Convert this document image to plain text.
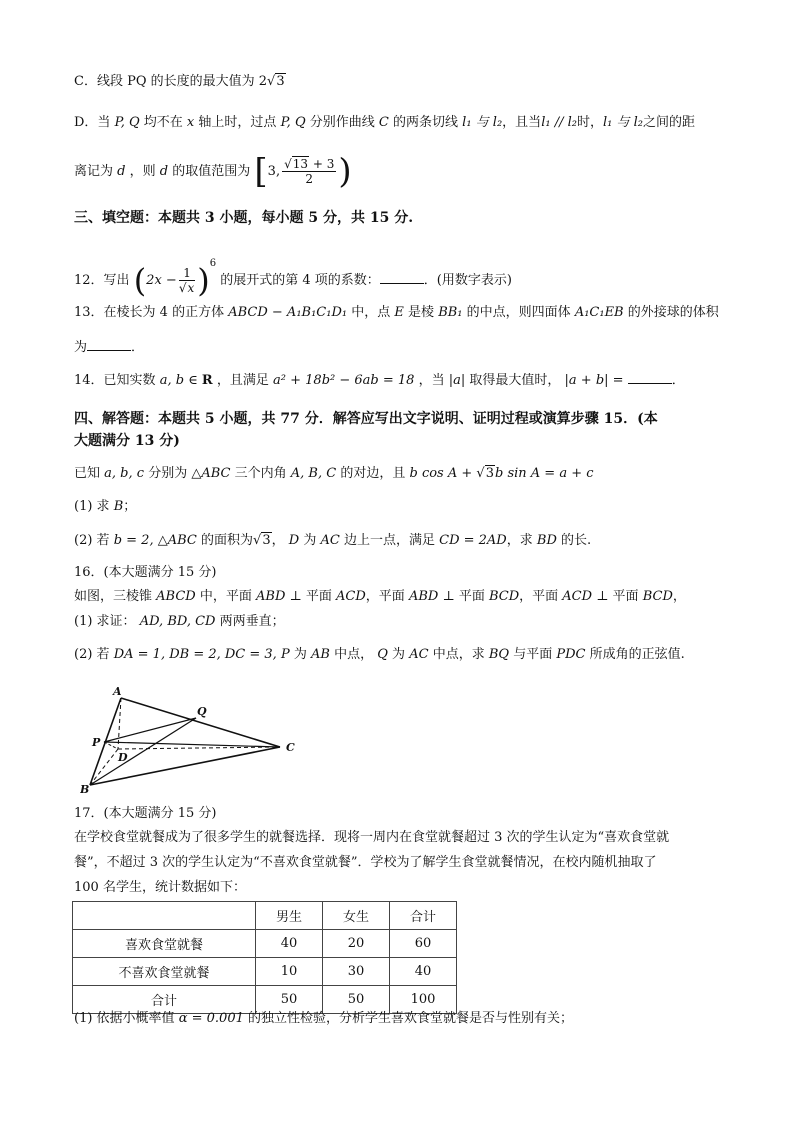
C．线段 PQ 的长度的最大值为 2√3
D．当 P, Q 均不在 x 轴上时，过点 P, Q 分别作曲线 C 的两条切线 l₁ 与 l₂，且当l₁ // l₂时，l₁ 与 l₂之间的距
离记为 d ，则 d 的取值范围为 [3, $\frac{√13 + 3}{2}$ )
三、填空题：本题共 3 小题，每小题 5 分，共 15 分.
12．写出 $(2x - \frac{1}{√x} )^6$ 的展开式的第 4 项的系数：	．(用数字表示)
13．在棱长为 4 的正方体 ABCD − A₁B₁C₁D₁ 中，点 E 是棱 BB₁ 的中点，则四面体 A₁C₁EB 的外接球的体积
为	．
14．已知实数 a, b ∈ R ，且满足 a² + 18b² − 6ab = 18 ，当 |a| 取得最大值时， |a + b| =	．
四、解答题：本题共 5 小题，共 77 分．解答应写出文字说明、证明过程或演算步骤 15．(本
大题满分 13 分)
已知 a, b, c 分别为 △ABC 三个内角 A, B, C 的对边，且 b cos A + √3b sin A = a + c
(1) 求 B；
(2) 若 b = 2, △ABC 的面积为√3， D 为 AC 边上一点，满足 CD = 2AD，求 BD 的长.
16．(本大题满分 15 分)
如图，三棱锥 ABCD 中，平面 ABD ⊥ 平面 ACD，平面 ABD ⊥ 平面 BCD，平面 ACD ⊥ 平面 BCD，
(1) 求证： AD, BD, CD 两两垂直；
(2) 若 DA = 1, DB = 2, DC = 3, P 为 AB 中点， Q 为 AC 中点，求 BQ 与平面 PDC 所成角的正弦值.
A
Q
P
D
C
B
17．(本大题满分 15 分)
在学校食堂就餐成为了很多学生的就餐选择．现将一周内在食堂就餐超过 3 次的学生认定为“喜欢食堂就
餐”，不超过 3 次的学生认定为“不喜欢食堂就餐”．学校为了解学生食堂就餐情况，在校内随机抽取了
100 名学生，统计数据如下：
	男生	女生	合计
喜欢食堂就餐	40	20	60
不喜欢食堂就餐	10	30	40
合计	50	50	100
(1) 依据小概率值 α = 0.001 的独立性检验，分析学生喜欢食堂就餐是否与性别有关；
